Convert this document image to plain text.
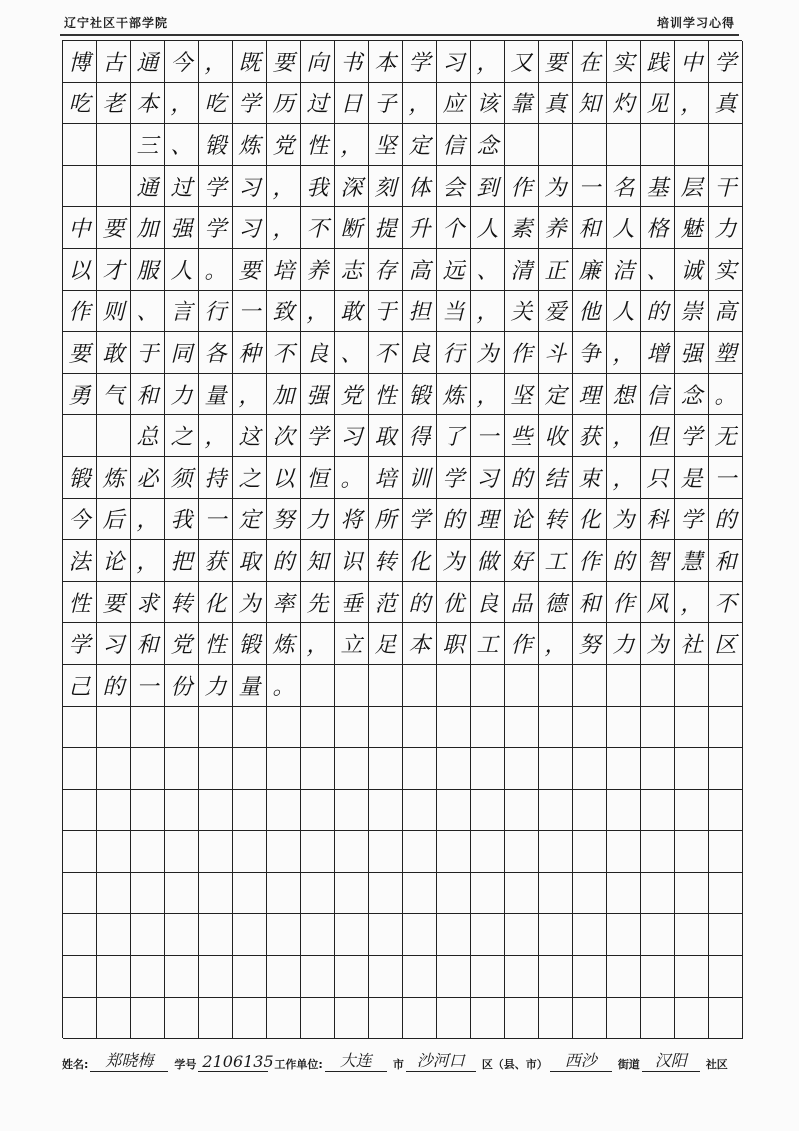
辽宁社区干部学院	培训学习心得
博 古 通 今 ， 既 要 向 书 本 学 习 ， 又 要 在 实 践 中 学
吃 老 本 ， 吃 学 历 过 日 子 ， 应 该 靠 真 知 灼 见 ， 真
三 、 锻 炼 党 性 ， 坚 定 信 念
通 过 学 习 ， 我 深 刻 体 会 到 作 为 一 名 基 层 干
中 要 加 强 学 习 ， 不 断 提 升 个 人 素 养 和 人 格 魅 力
以 才 服 人 。 要 培 养 志 存 高 远 、 清 正 廉 洁 、 诚 实
作 则 、 言 行 一 致 ， 敢 于 担 当 ， 关 爱 他 人 的 崇 高
要 敢 于 同 各 种 不 良 、 不 良 行 为 作 斗 争 ， 增 强 塑
勇 气 和 力 量 ， 加 强 党 性 锻 炼 ， 坚 定 理 想 信 念 。
总 之 ， 这 次 学 习 取 得 了 一 些 收 获 ， 但 学 无
锻 炼 必 须 持 之 以 恒 。 培 训 学 习 的 结 束 ， 只 是 一
今 后 ， 我 一 定 努 力 将 所 学 的 理 论 转 化 为 科 学 的
法 论 ， 把 获 取 的 知 识 转 化 为 做 好 工 作 的 智 慧 和
性 要 求 转 化 为 率 先 垂 范 的 优 良 品 德 和 作 风 ， 不
学 习 和 党 性 锻 炼 ， 立 足 本 职 工 作 ， 努 力 为 社 区
己 的 一 份 力 量 。
姓名:	郑晓梅	学号 2106135 工作单位:	大连	市 沙河口	区（县、市）	西沙	街道 汉阳	社区
